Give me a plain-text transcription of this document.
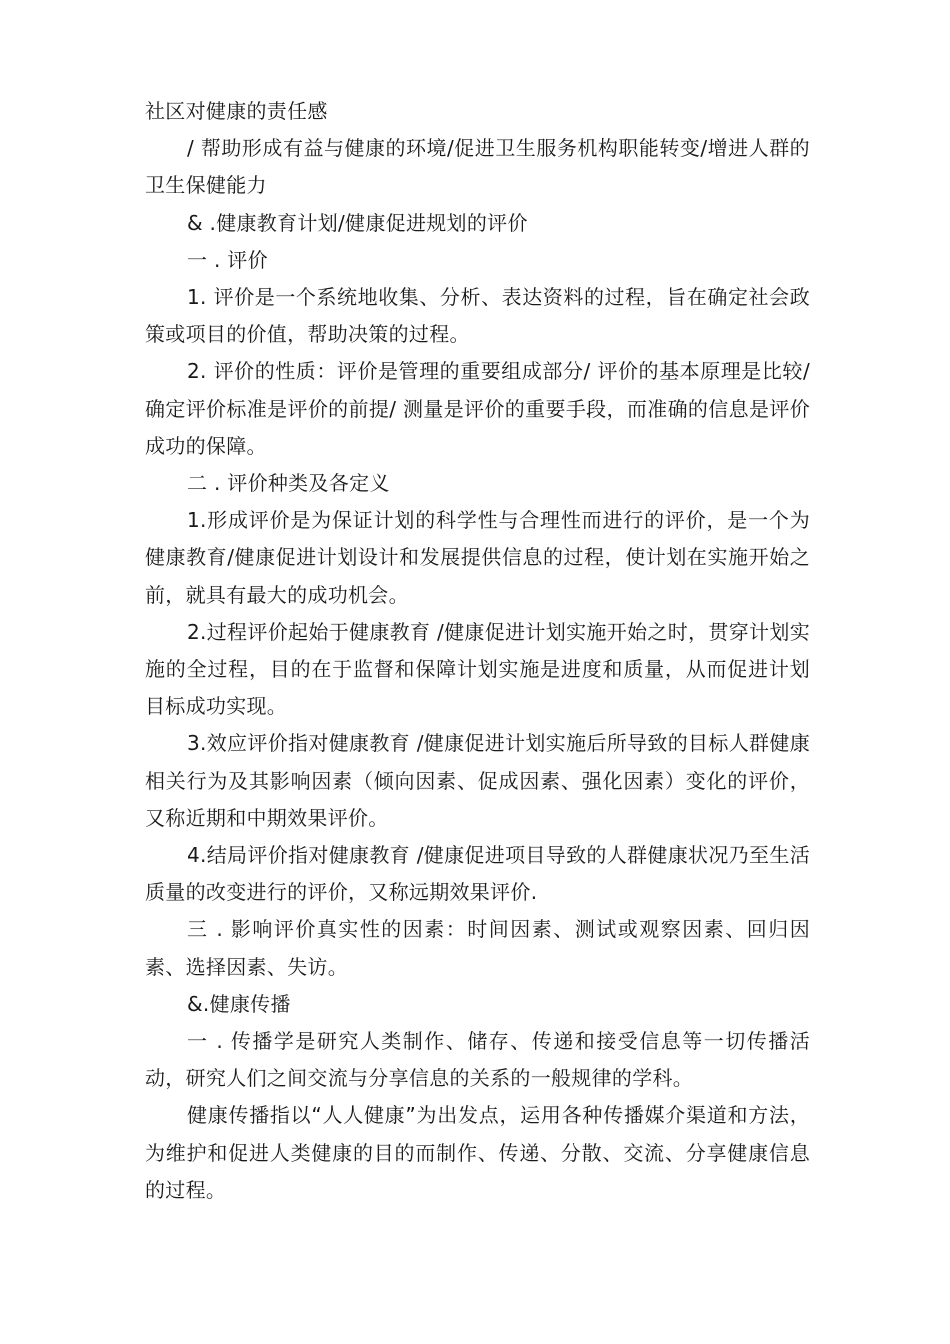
社区对健康的责任感

/ 帮助形成有益与健康的环境/促进卫生服务机构职能转变/增进人群的卫生保健能力

& .健康教育计划/健康促进规划的评价

一 . 评价

1. 评价是一个系统地收集、分析、表达资料的过程，旨在确定社会政策或项目的价值，帮助决策的过程。

2. 评价的性质：评价是管理的重要组成部分/ 评价的基本原理是比较/ 确定评价标准是评价的前提/ 测量是评价的重要手段，而准确的信息是评价成功的保障。

二 . 评价种类及各定义

1.形成评价是为保证计划的科学性与合理性而进行的评价，是一个为健康教育/健康促进计划设计和发展提供信息的过程，使计划在实施开始之前，就具有最大的成功机会。

2.过程评价起始于健康教育 /健康促进计划实施开始之时，贯穿计划实施的全过程，目的在于监督和保障计划实施是进度和质量，从而促进计划目标成功实现。

3.效应评价指对健康教育 /健康促进计划实施后所导致的目标人群健康相关行为及其影响因素（倾向因素、促成因素、强化因素）变化的评价，又称近期和中期效果评价。

4.结局评价指对健康教育 /健康促进项目导致的人群健康状况乃至生活质量的改变进行的评价，又称远期效果评价.

三 . 影响评价真实性的因素：时间因素、测试或观察因素、回归因素、选择因素、失访。

&.健康传播

一 . 传播学是研究人类制作、储存、传递和接受信息等一切传播活动，研究人们之间交流与分享信息的关系的一般规律的学科。

健康传播指以“人人健康”为出发点，运用各种传播媒介渠道和方法，为维护和促进人类健康的目的而制作、传递、分散、交流、分享健康信息的过程。
